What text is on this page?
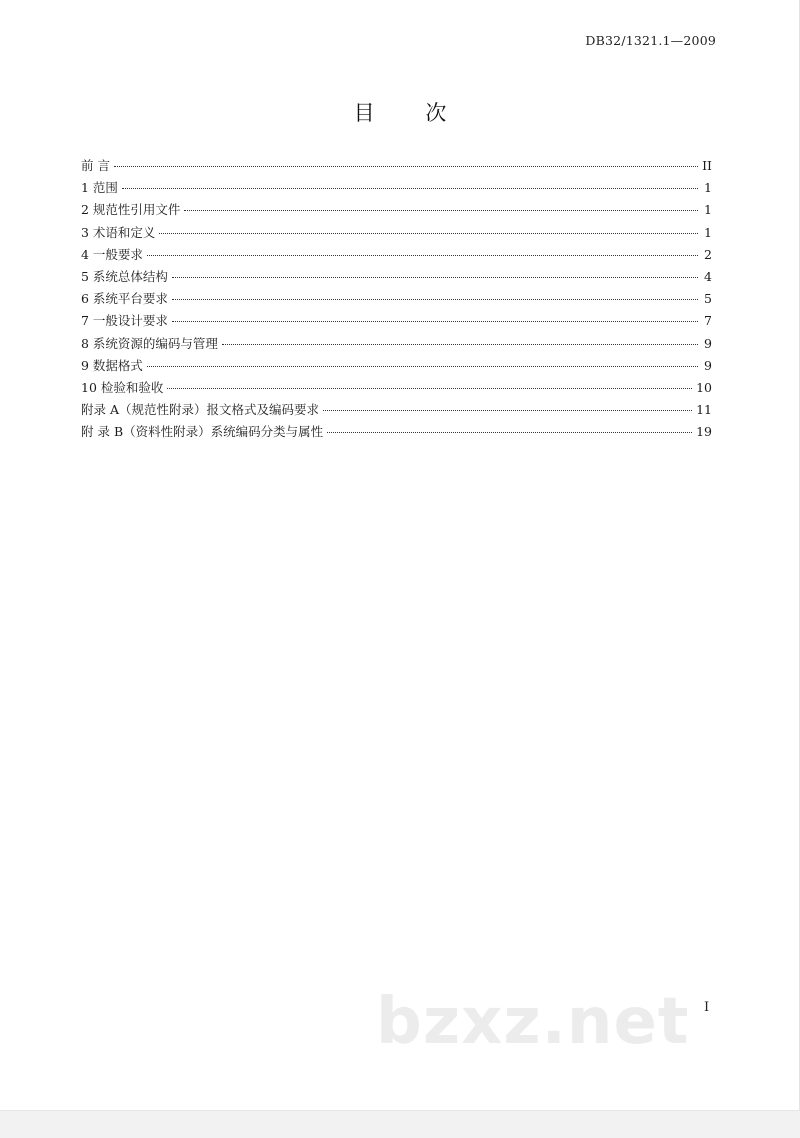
DB32/1321.1—2009
目 次
前 言	II
1 范围	1
2 规范性引用文件	1
3 术语和定义	1
4 一般要求	2
5 系统总体结构	4
6 系统平台要求	5
7 一般设计要求	7
8 系统资源的编码与管理	9
9 数据格式	9
10 检验和验收	10
附录 A（规范性附录）报文格式及编码要求	11
附 录 B（资料性附录）系统编码分类与属性	19
I
bzxz.net
